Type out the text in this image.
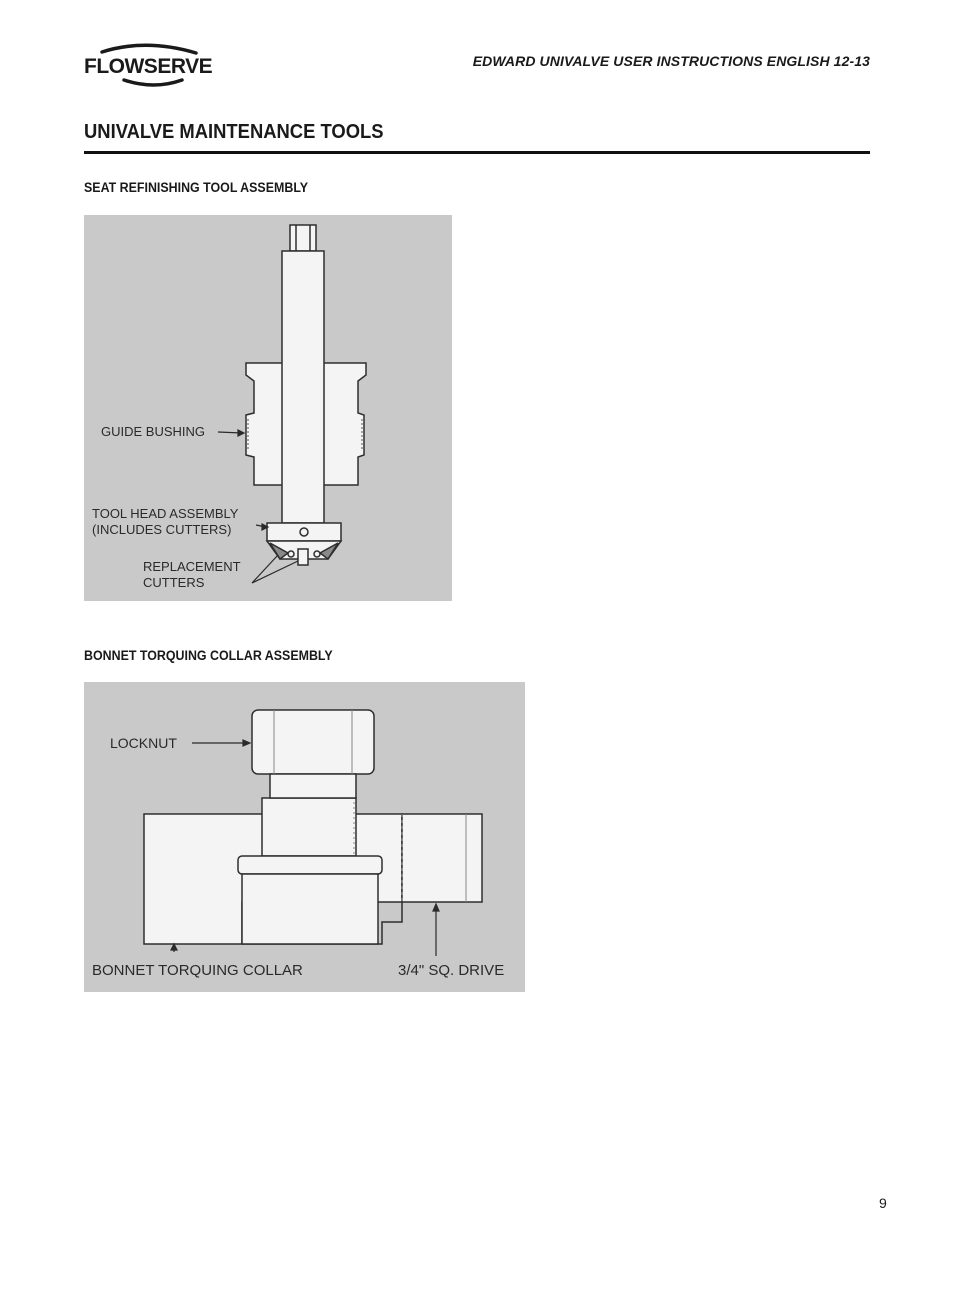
FLOWSERVE	EDWARD UNIVALVE USER INSTRUCTIONS ENGLISH 12-13
UNIVALVE MAINTENANCE TOOLS
SEAT REFINISHING TOOL ASSEMBLY
GUIDE BUSHING
TOOL HEAD ASSEMBLY
(INCLUDES CUTTERS)
REPLACEMENT
CUTTERS
BONNET TORQUING COLLAR ASSEMBLY
LOCKNUT
BONNET TORQUING COLLAR	3/4" SQ. DRIVE
9
